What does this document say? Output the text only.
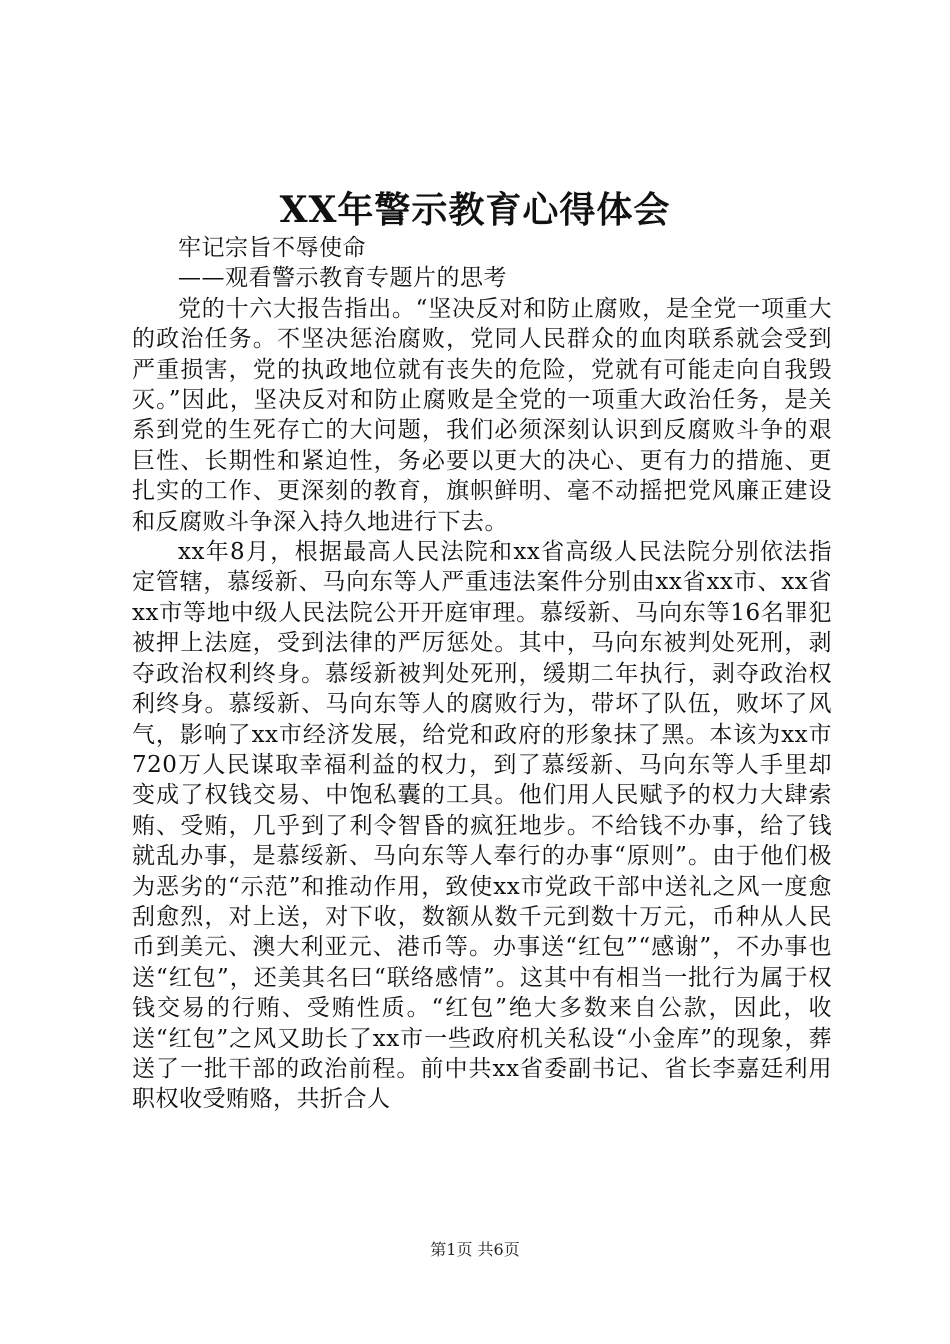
XX年警示教育心得体会

牢记宗旨不辱使命

——观看警示教育专题片的思考

党的十六大报告指出。“坚决反对和防止腐败，是全党一项重大的政治任务。不坚决惩治腐败，党同人民群众的血肉联系就会受到严重损害，党的执政地位就有丧失的危险，党就有可能走向自我毁灭。”因此，坚决反对和防止腐败是全党的一项重大政治任务，是关系到党的生死存亡的大问题，我们必须深刻认识到反腐败斗争的艰巨性、长期性和紧迫性，务必要以更大的决心、更有力的措施、更扎实的工作、更深刻的教育，旗帜鲜明、毫不动摇把党风廉正建设和反腐败斗争深入持久地进行下去。

xx年8月，根据最高人民法院和xx省高级人民法院分别依法指定管辖，慕绥新、马向东等人严重违法案件分别由xx省xx市、xx省xx市等地中级人民法院公开开庭审理。慕绥新、马向东等16名罪犯被押上法庭，受到法律的严厉惩处。其中，马向东被判处死刑，剥夺政治权利终身。慕绥新被判处死刑，缓期二年执行，剥夺政治权利终身。慕绥新、马向东等人的腐败行为，带坏了队伍，败坏了风气，影响了xx市经济发展，给党和政府的形象抹了黑。本该为xx市720万人民谋取幸福利益的权力，到了慕绥新、马向东等人手里却变成了权钱交易、中饱私囊的工具。他们用人民赋予的权力大肆索贿、受贿，几乎到了利令智昏的疯狂地步。不给钱不办事，给了钱就乱办事，是慕绥新、马向东等人奉行的办事“原则”。由于他们极为恶劣的“示范”和推动作用，致使xx市党政干部中送礼之风一度愈刮愈烈，对上送，对下收，数额从数千元到数十万元，币种从人民币到美元、澳大利亚元、港币等。办事送“红包”“感谢”，不办事也送“红包”，还美其名曰“联络感情”。这其中有相当一批行为属于权钱交易的行贿、受贿性质。“红包”绝大多数来自公款，因此，收送“红包”之风又助长了xx市一些政府机关私设“小金库”的现象，葬送了一批干部的政治前程。前中共xx省委副书记、省长李嘉廷利用职权收受贿赂，共折合人

第1页 共6页
